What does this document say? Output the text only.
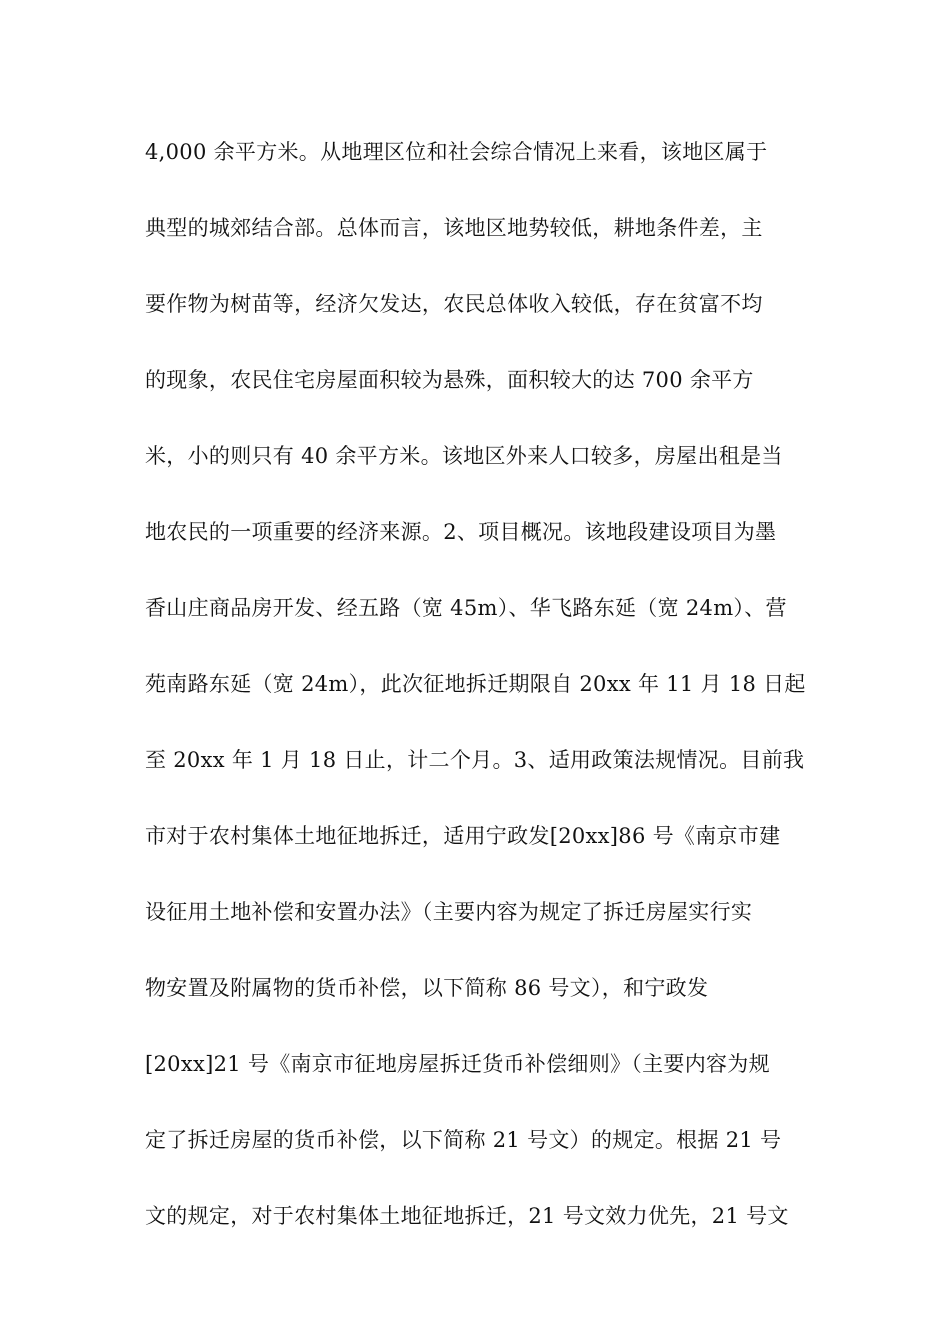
4,000 余平方米。从地理区位和社会综合情况上来看，该地区属于
典型的城郊结合部。总体而言，该地区地势较低，耕地条件差，主
要作物为树苗等，经济欠发达，农民总体收入较低，存在贫富不均
的现象，农民住宅房屋面积较为悬殊，面积较大的达 700 余平方
米，小的则只有 40 余平方米。该地区外来人口较多，房屋出租是当
地农民的一项重要的经济来源。2、项目概况。该地段建设项目为墨
香山庄商品房开发、经五路（宽 45m）、华飞路东延（宽 24m）、营
苑南路东延（宽 24m），此次征地拆迁期限自 20xx 年 11 月 18 日起
至 20xx 年 1 月 18 日止，计二个月。3、适用政策法规情况。目前我
市对于农村集体土地征地拆迁，适用宁政发[20xx]86 号《南京市建
设征用土地补偿和安置办法》（主要内容为规定了拆迁房屋实行实
物安置及附属物的货币补偿，以下简称 86 号文），和宁政发
[20xx]21 号《南京市征地房屋拆迁货币补偿细则》（主要内容为规
定了拆迁房屋的货币补偿，以下简称 21 号文）的规定。根据 21 号
文的规定，对于农村集体土地征地拆迁，21 号文效力优先，21 号文
